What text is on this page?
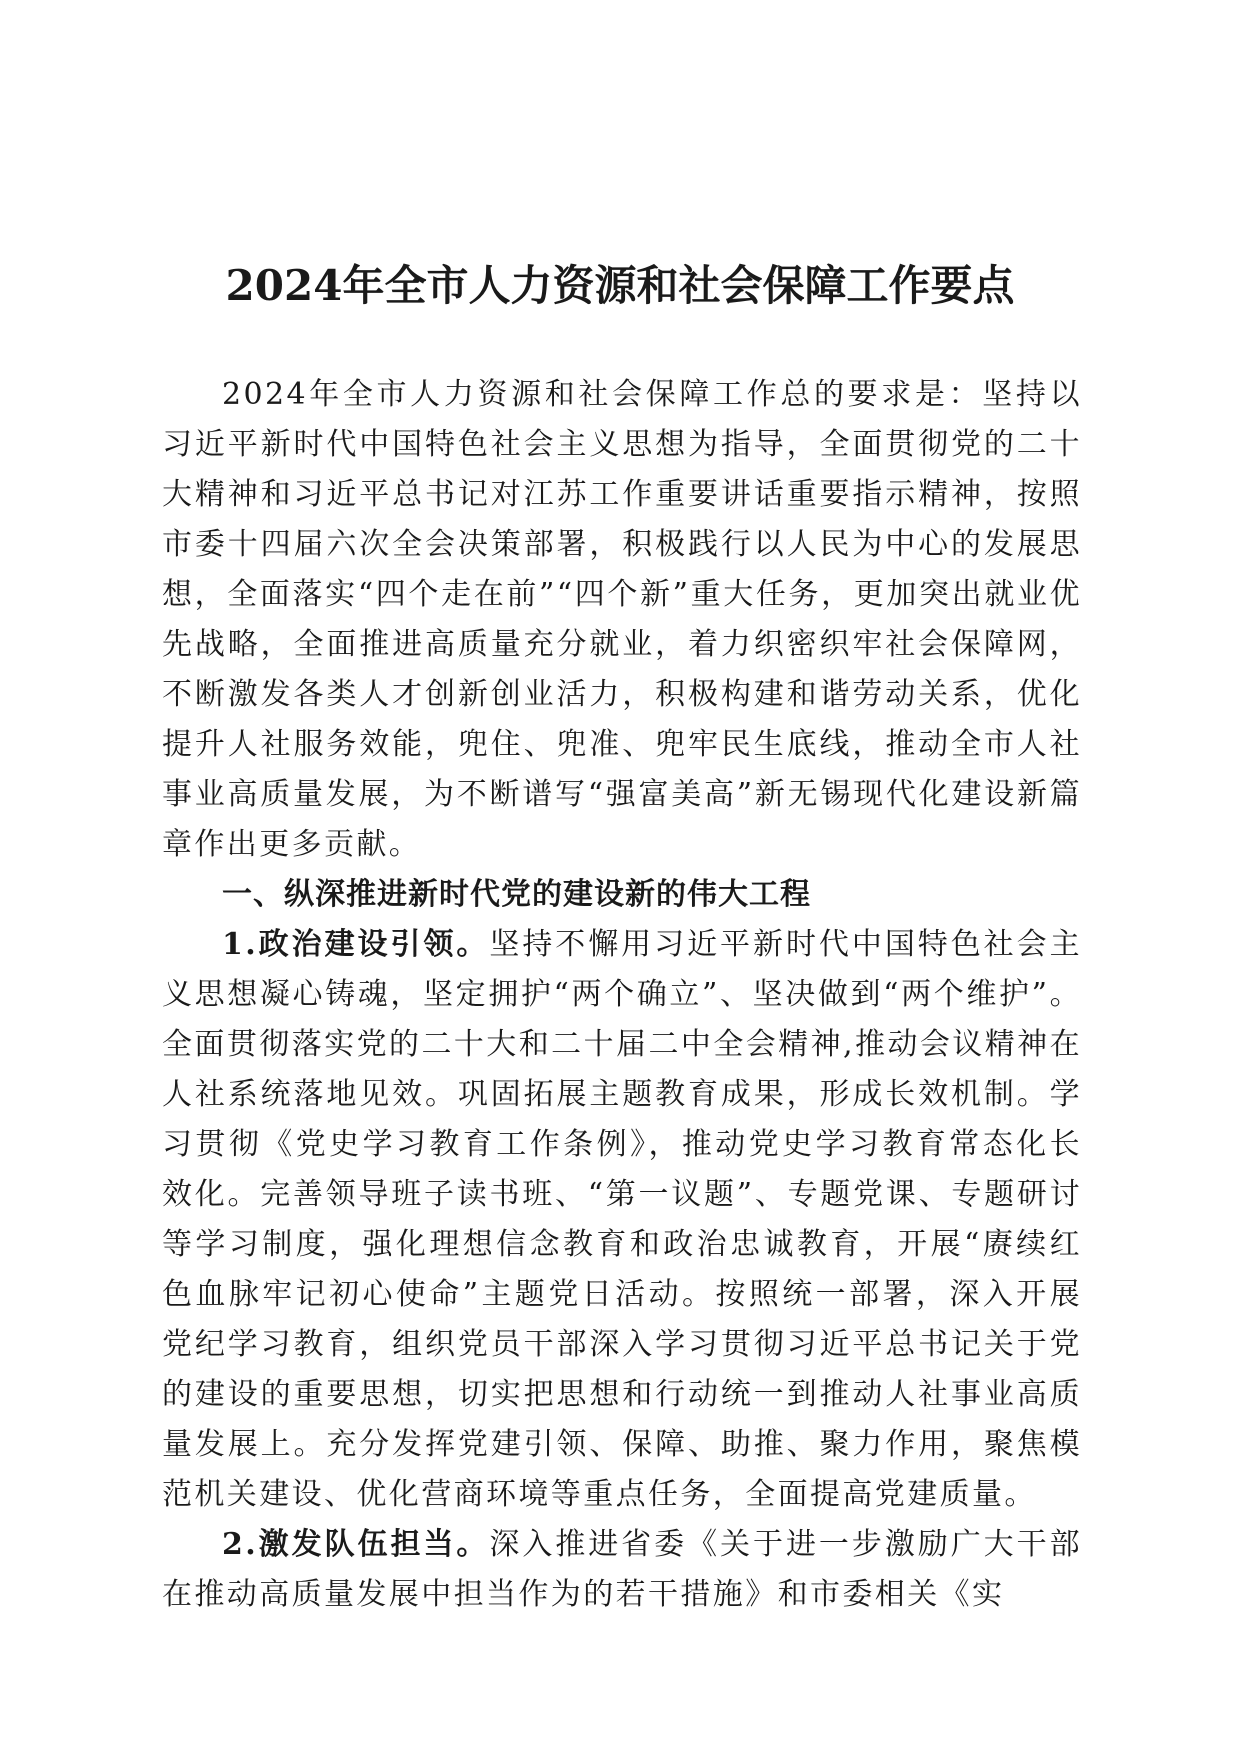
2024年全市人力资源和社会保障工作要点

2024年全市人力资源和社会保障工作总的要求是：坚持以习近平新时代中国特色社会主义思想为指导，全面贯彻党的二十大精神和习近平总书记对江苏工作重要讲话重要指示精神，按照市委十四届六次全会决策部署，积极践行以人民为中心的发展思想，全面落实“四个走在前”“四个新”重大任务，更加突出就业优先战略，全面推进高质量充分就业，着力织密织牢社会保障网，不断激发各类人才创新创业活力，积极构建和谐劳动关系，优化提升人社服务效能，兜住、兜准、兜牢民生底线，推动全市人社事业高质量发展，为不断谱写“强富美高”新无锡现代化建设新篇章作出更多贡献。

一、纵深推进新时代党的建设新的伟大工程

1.政治建设引领。坚持不懈用习近平新时代中国特色社会主义思想凝心铸魂，坚定拥护“两个确立”、坚决做到“两个维护”。全面贯彻落实党的二十大和二十届二中全会精神,推动会议精神在人社系统落地见效。巩固拓展主题教育成果，形成长效机制。学习贯彻《党史学习教育工作条例》，推动党史学习教育常态化长效化。完善领导班子读书班、“第一议题”、专题党课、专题研讨等学习制度，强化理想信念教育和政治忠诚教育，开展“赓续红色血脉牢记初心使命”主题党日活动。按照统一部署，深入开展党纪学习教育，组织党员干部深入学习贯彻习近平总书记关于党的建设的重要思想，切实把思想和行动统一到推动人社事业高质量发展上。充分发挥党建引领、保障、助推、聚力作用，聚焦模范机关建设、优化营商环境等重点任务，全面提高党建质量。

2.激发队伍担当。深入推进省委《关于进一步激励广大干部在推动高质量发展中担当作为的若干措施》和市委相关《实
